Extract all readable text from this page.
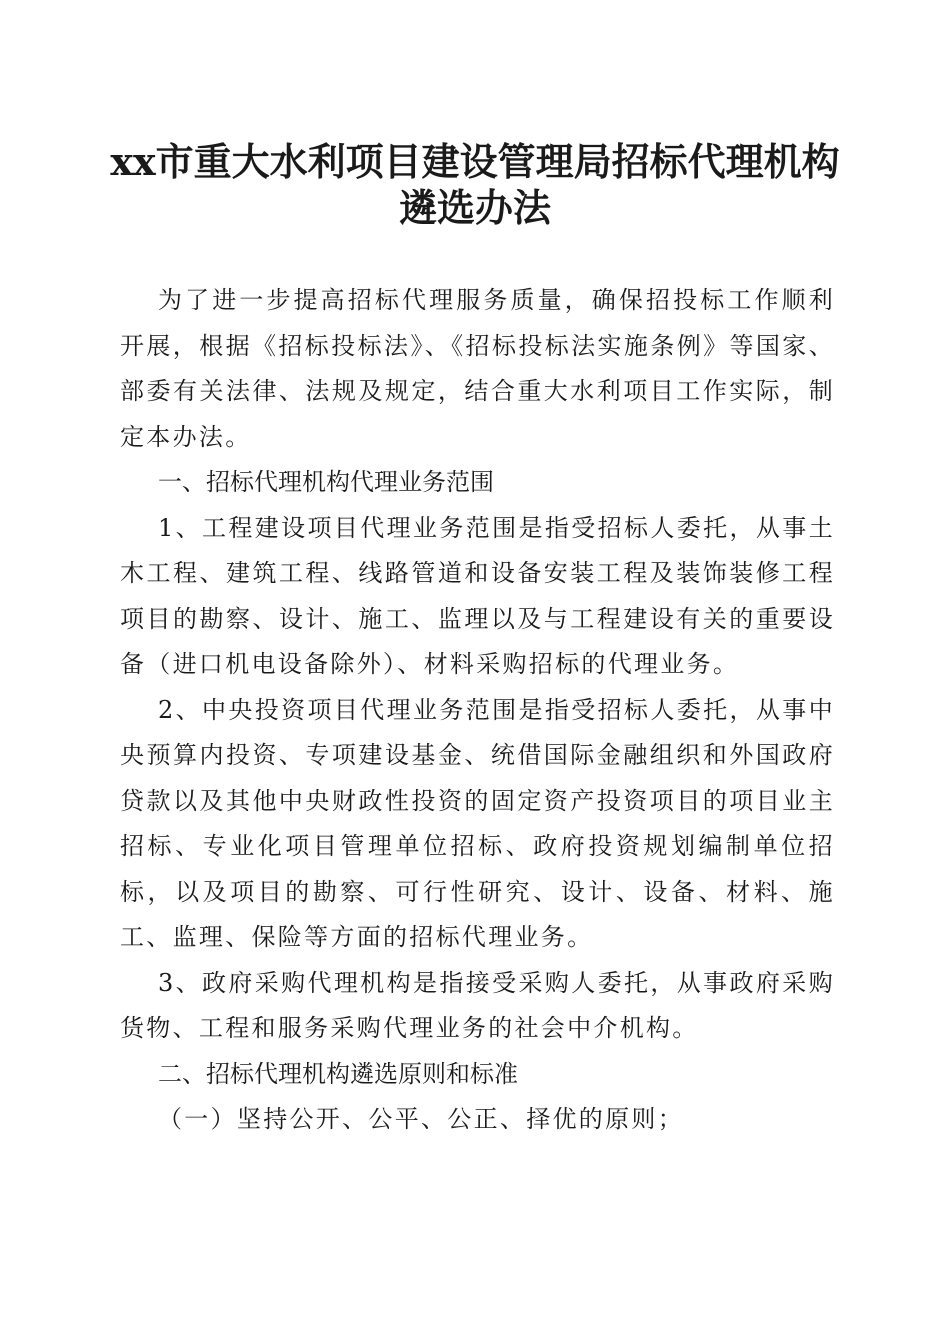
xx市重大水利项目建设管理局招标代理机构
遴选办法

为了进一步提高招标代理服务质量，确保招投标工作顺利开展，根据《招标投标法》、《招标投标法实施条例》等国家、部委有关法律、法规及规定，结合重大水利项目工作实际，制定本办法。

一、招标代理机构代理业务范围

1、工程建设项目代理业务范围是指受招标人委托，从事土木工程、建筑工程、线路管道和设备安装工程及装饰装修工程项目的勘察、设计、施工、监理以及与工程建设有关的重要设备（进口机电设备除外）、材料采购招标的代理业务。

2、中央投资项目代理业务范围是指受招标人委托，从事中央预算内投资、专项建设基金、统借国际金融组织和外国政府贷款以及其他中央财政性投资的固定资产投资项目的项目业主招标、专业化项目管理单位招标、政府投资规划编制单位招标，以及项目的勘察、可行性研究、设计、设备、材料、施工、监理、保险等方面的招标代理业务。

3、政府采购代理机构是指接受采购人委托，从事政府采购货物、工程和服务采购代理业务的社会中介机构。

二、招标代理机构遴选原则和标准

（一）坚持公开、公平、公正、择优的原则；
